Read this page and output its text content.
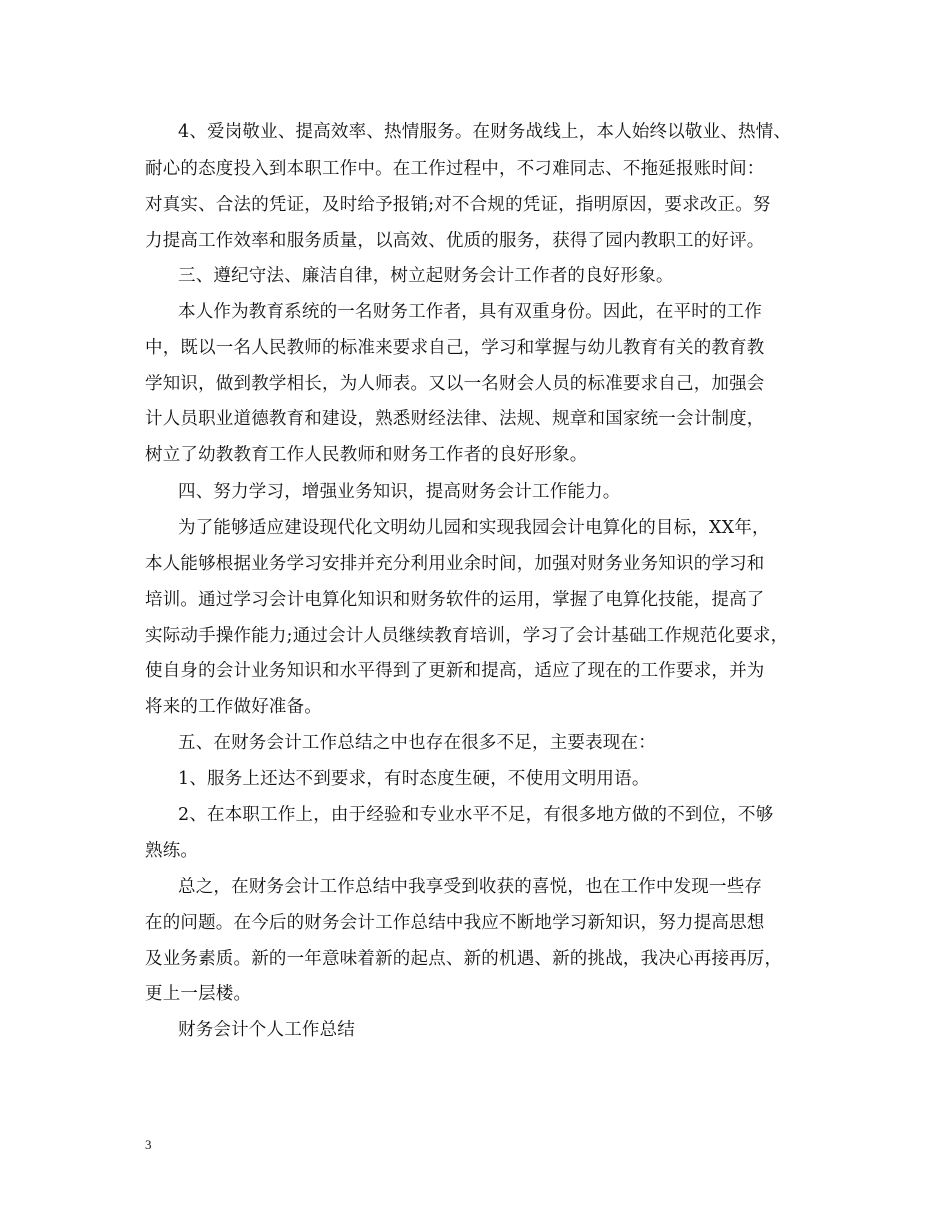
4、爱岗敬业、提高效率、热情服务。在财务战线上，本人始终以敬业、热情、
耐心的态度投入到本职工作中。在工作过程中，不刁难同志、不拖延报账时间：
对真实、合法的凭证，及时给予报销;对不合规的凭证，指明原因，要求改正。努
力提高工作效率和服务质量，以高效、优质的服务，获得了园内教职工的好评。
三、遵纪守法、廉洁自律，树立起财务会计工作者的良好形象。
本人作为教育系统的一名财务工作者，具有双重身份。因此，在平时的工作
中，既以一名人民教师的标准来要求自己，学习和掌握与幼儿教育有关的教育教
学知识，做到教学相长，为人师表。又以一名财会人员的标准要求自己，加强会
计人员职业道德教育和建设，熟悉财经法律、法规、规章和国家统一会计制度，
树立了幼教教育工作人民教师和财务工作者的良好形象。
四、努力学习，增强业务知识，提高财务会计工作能力。
为了能够适应建设现代化文明幼儿园和实现我园会计电算化的目标，XX年，
本人能够根据业务学习安排并充分利用业余时间，加强对财务业务知识的学习和
培训。通过学习会计电算化知识和财务软件的运用，掌握了电算化技能，提高了
实际动手操作能力;通过会计人员继续教育培训，学习了会计基础工作规范化要求，
使自身的会计业务知识和水平得到了更新和提高，适应了现在的工作要求，并为
将来的工作做好准备。
五、在财务会计工作总结之中也存在很多不足，主要表现在：
1、服务上还达不到要求，有时态度生硬，不使用文明用语。
2、在本职工作上，由于经验和专业水平不足，有很多地方做的不到位，不够
熟练。
总之，在财务会计工作总结中我享受到收获的喜悦，也在工作中发现一些存
在的问题。在今后的财务会计工作总结中我应不断地学习新知识，努力提高思想
及业务素质。新的一年意味着新的起点、新的机遇、新的挑战，我决心再接再厉，
更上一层楼。
财务会计个人工作总结
3
